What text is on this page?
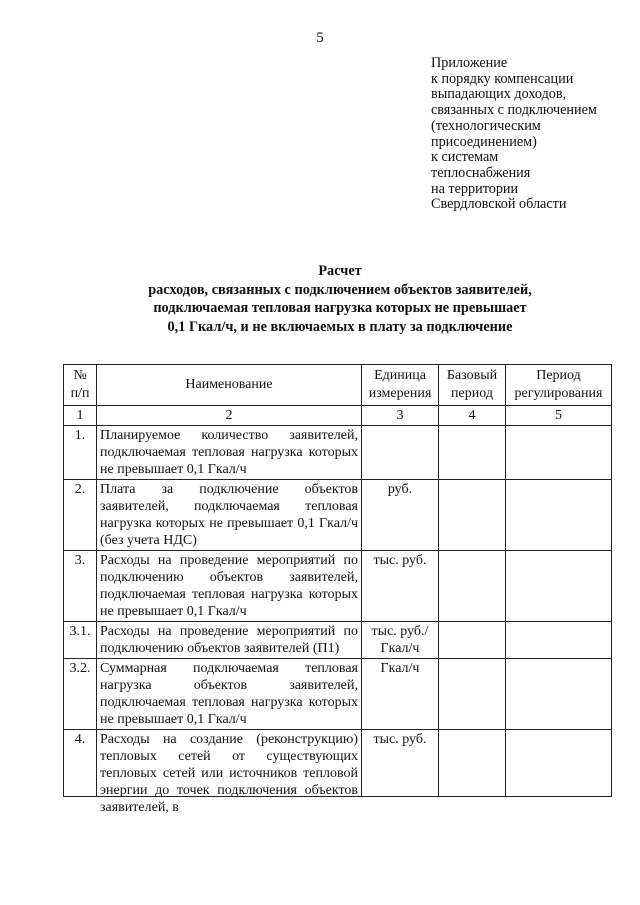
5
Приложение
к порядку компенсации
выпадающих доходов,
связанных с подключением
(технологическим
присоединением)
к системам
теплоснабжения
на территории
Свердловской области
Расчет
расходов, связанных с подключением объектов заявителей,
подключаемая тепловая нагрузка которых не превышает
0,1 Гкал/ч, и не включаемых в плату за подключение
№ п/п	Наименование	Единица измерения	Базовый период	Период регулирования
1	2	3	4	5
1.	Планируемое количество заявителей, подключаемая тепловая нагрузка которых не превышает 0,1 Гкал/ч			
2.	Плата за подключение объектов заявителей, подключаемая тепловая нагрузка которых не превышает 0,1 Гкал/ч (без учета НДС)	руб.		
3.	Расходы на проведение мероприятий по подключению объектов заявителей, подключаемая тепловая нагрузка которых не превышает 0,1 Гкал/ч	тыс. руб.		
3.1.	Расходы на проведение мероприятий по подключению объектов заявителей (П1)	тыс. руб./ Гкал/ч		
3.2.	Суммарная подключаемая тепловая нагрузка объектов заявителей, подключаемая тепловая нагрузка которых не превышает 0,1 Гкал/ч	Гкал/ч		
4.	Расходы на создание (реконструкцию) тепловых сетей от существующих тепловых сетей или источников тепловой энергии до точек подключения объектов заявителей, в	тыс. руб.		
